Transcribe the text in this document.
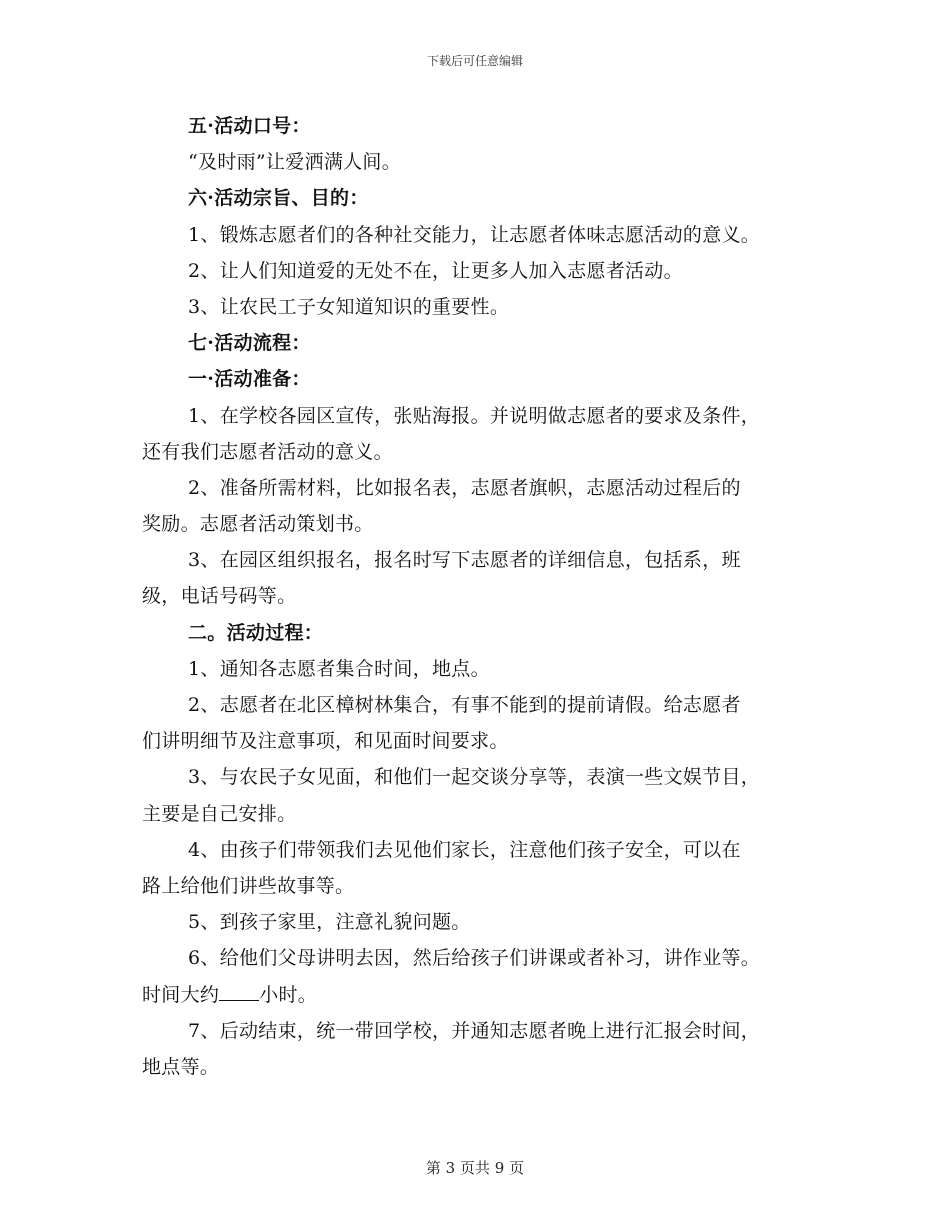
下载后可任意编辑
五·活动口号：
“及时雨”让爱洒满人间。
六·活动宗旨、目的：
1、锻炼志愿者们的各种社交能力，让志愿者体味志愿活动的意义。
2、让人们知道爱的无处不在，让更多人加入志愿者活动。
3、让农民工子女知道知识的重要性。
七·活动流程：
一·活动准备：
1、在学校各园区宣传，张贴海报。并说明做志愿者的要求及条件，
还有我们志愿者活动的意义。
2、准备所需材料，比如报名表，志愿者旗帜，志愿活动过程后的
奖励。志愿者活动策划书。
3、在园区组织报名，报名时写下志愿者的详细信息，包括系，班
级，电话号码等。
二。活动过程：
1、通知各志愿者集合时间，地点。
2、志愿者在北区樟树林集合，有事不能到的提前请假。给志愿者
们讲明细节及注意事项，和见面时间要求。
3、与农民子女见面，和他们一起交谈分享等，表演一些文娱节目，
主要是自己安排。
4、由孩子们带领我们去见他们家长，注意他们孩子安全，可以在
路上给他们讲些故事等。
5、到孩子家里，注意礼貌问题。
6、给他们父母讲明去因，然后给孩子们讲课或者补习，讲作业等。
时间大约 小时。
7、后动结束，统一带回学校，并通知志愿者晚上进行汇报会时间，
地点等。
第 3 页共 9 页
